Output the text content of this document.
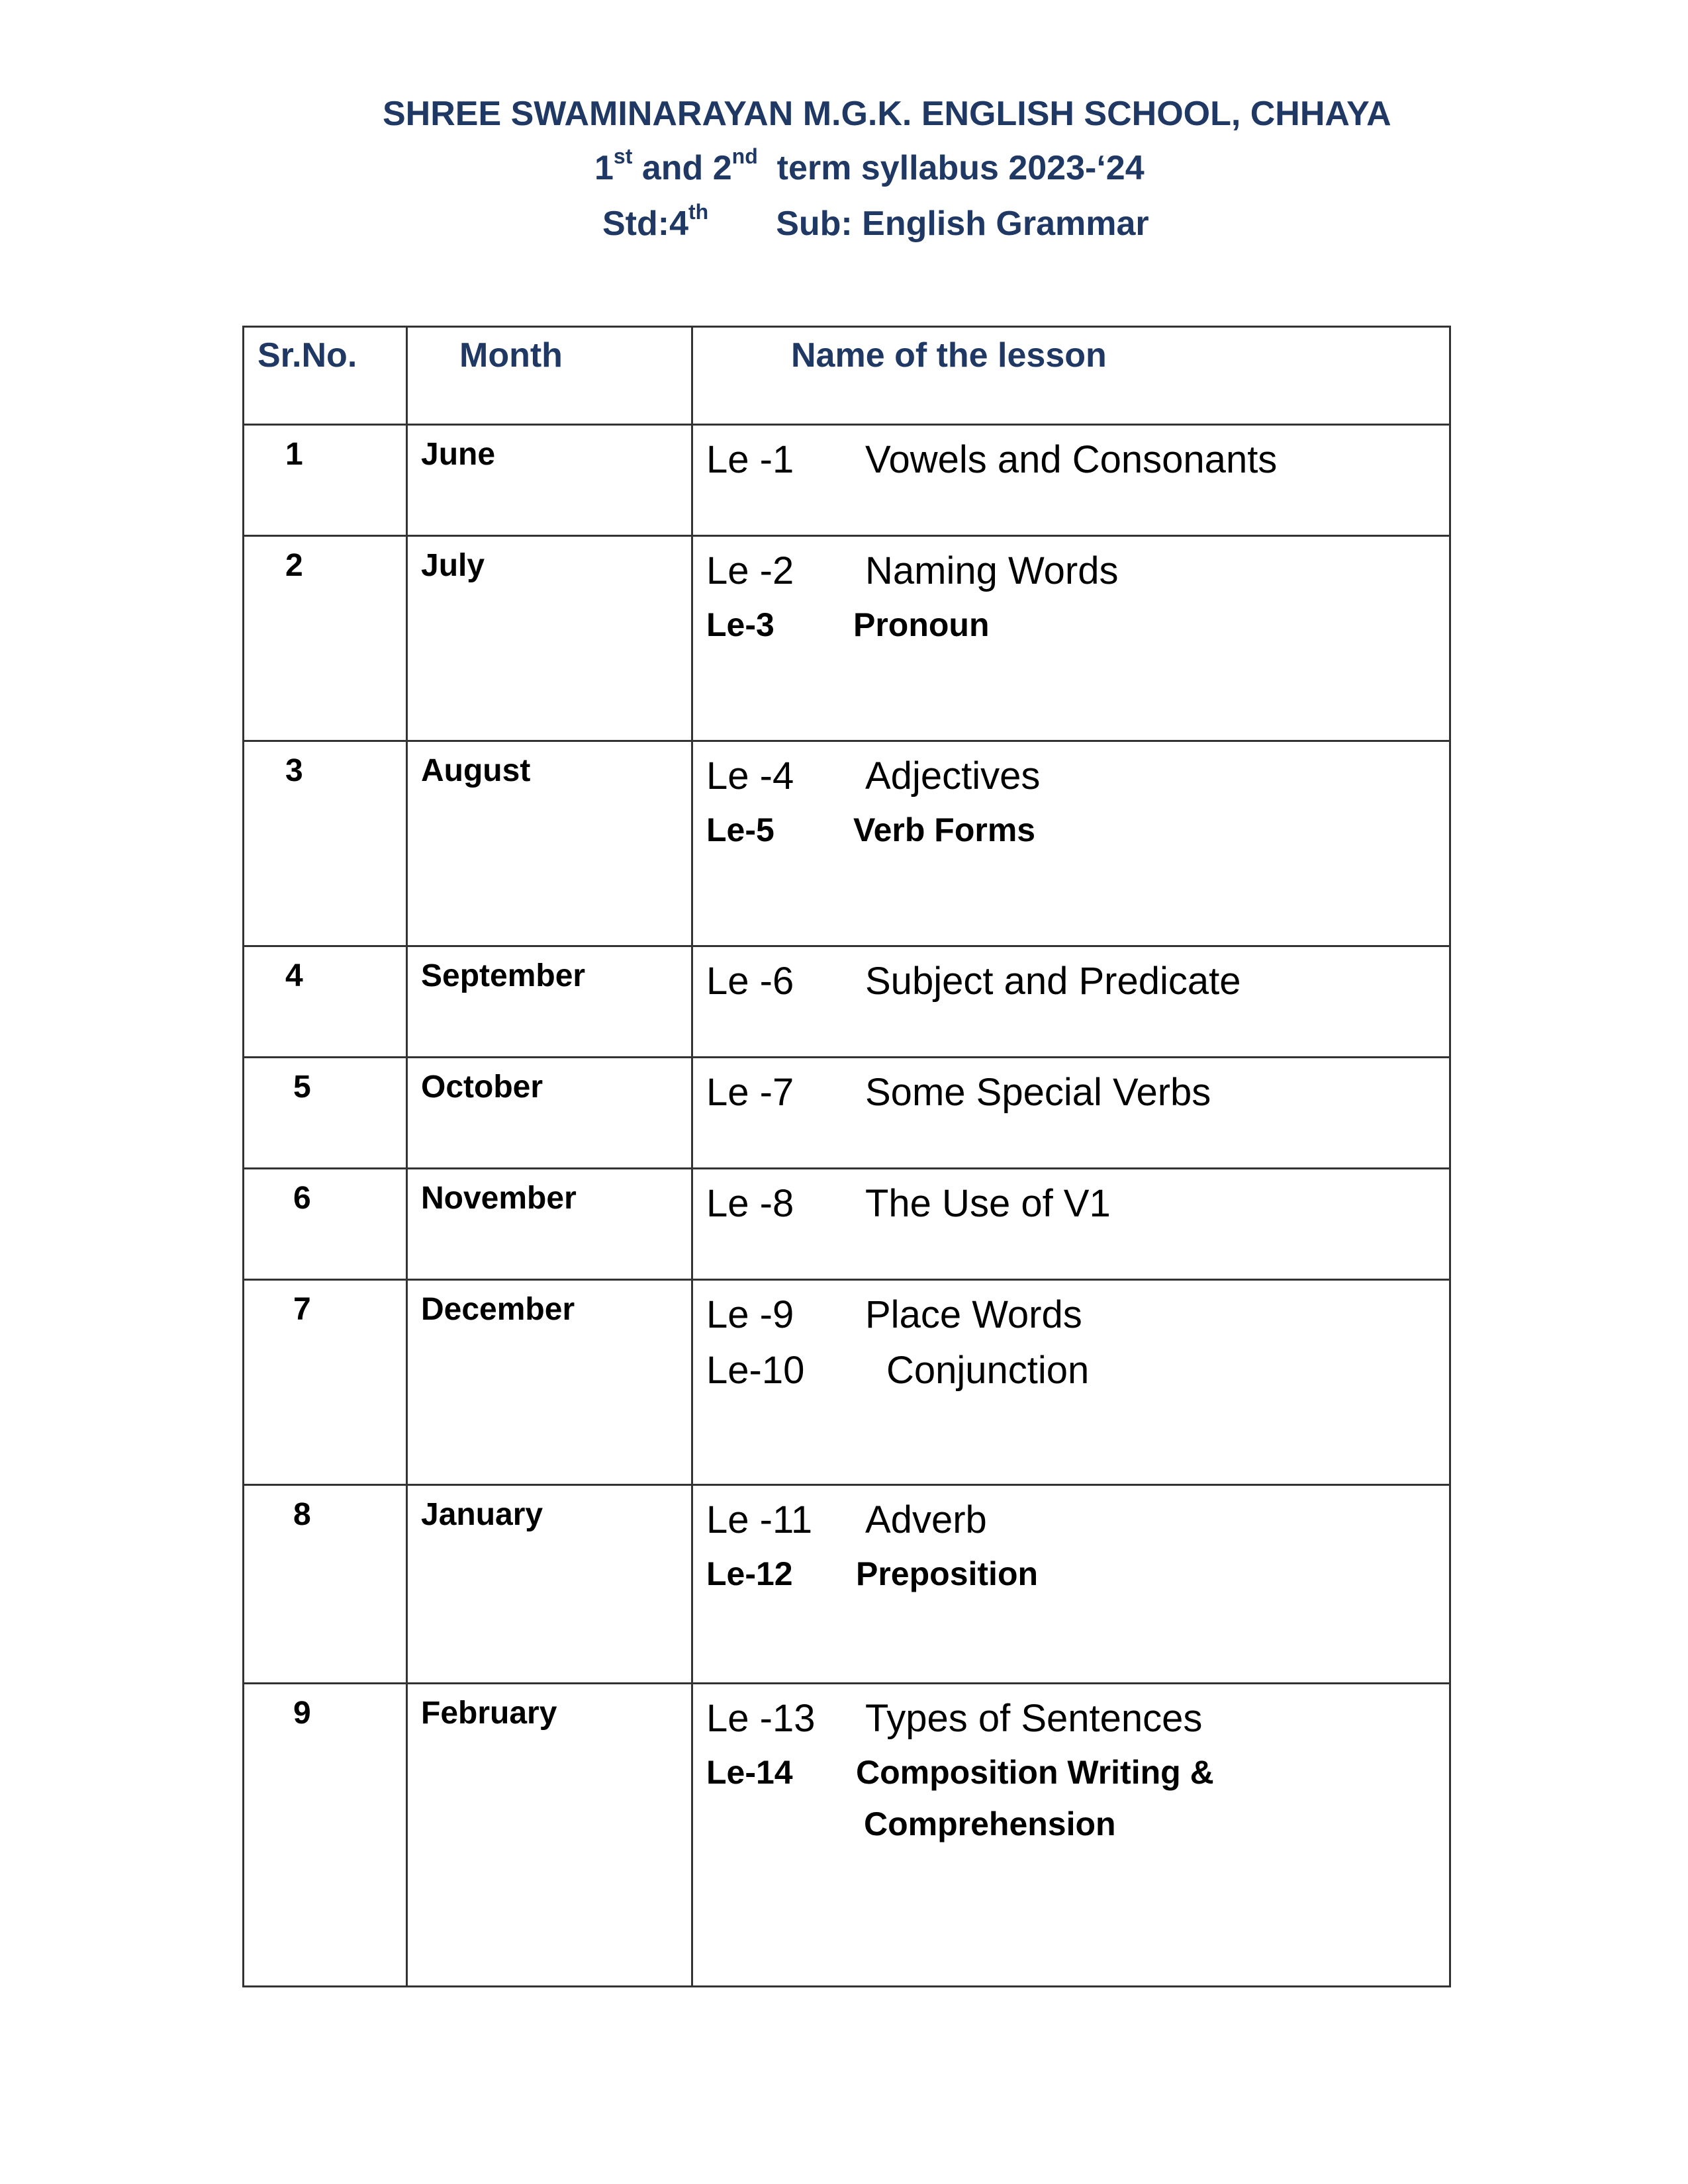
SHREE SWAMINARAYAN M.G.K. ENGLISH SCHOOL, CHHAYA
1st and 2nd  term syllabus 2023-‘24
Std:4th Sub: English Grammar
Sr.No.	Month	Name of the lesson
1	June	Le -1 Vowels and Consonants

2	July	Le -2 Naming Words
Le-3 Pronoun

3	August	Le -4 Adjectives
Le-5 Verb Forms

4	September	Le -6 Subject and Predicate

5	October	Le -7 Some Special Verbs

6	November	Le -8 The Use of V1

7	December	Le -9 Place Words
Le-10 Conjunction

8	January	Le -11 Adverb
Le-12 Preposition

9	February	Le -13 Types of Sentences
Le-14 Composition Writing &
Comprehension
